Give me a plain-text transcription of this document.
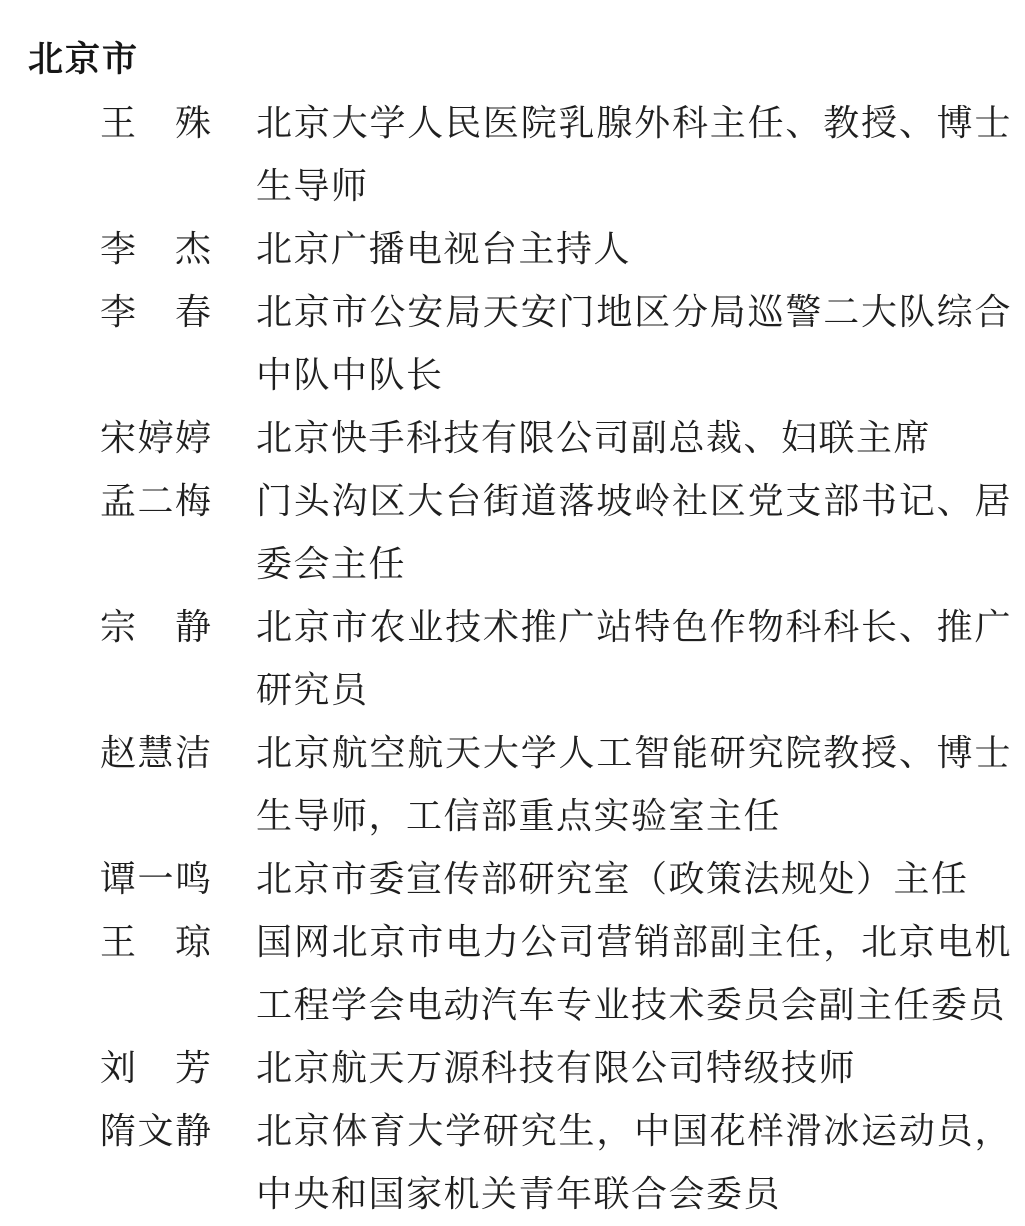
北京市
王　殊 北京大学人民医院乳腺外科主任、教授、博士生导师
李　杰 北京广播电视台主持人
李　春 北京市公安局天安门地区分局巡警二大队综合中队中队长
宋婷婷 北京快手科技有限公司副总裁、妇联主席
孟二梅 门头沟区大台街道落坡岭社区党支部书记、居委会主任
宗　静 北京市农业技术推广站特色作物科科长、推广研究员
赵慧洁 北京航空航天大学人工智能研究院教授、博士生导师，工信部重点实验室主任
谭一鸣 北京市委宣传部研究室（政策法规处）主任
王　琼 国网北京市电力公司营销部副主任，北京电机工程学会电动汽车专业技术委员会副主任委员
刘　芳 北京航天万源科技有限公司特级技师
隋文静 北京体育大学研究生，中国花样滑冰运动员，中央和国家机关青年联合会委员
